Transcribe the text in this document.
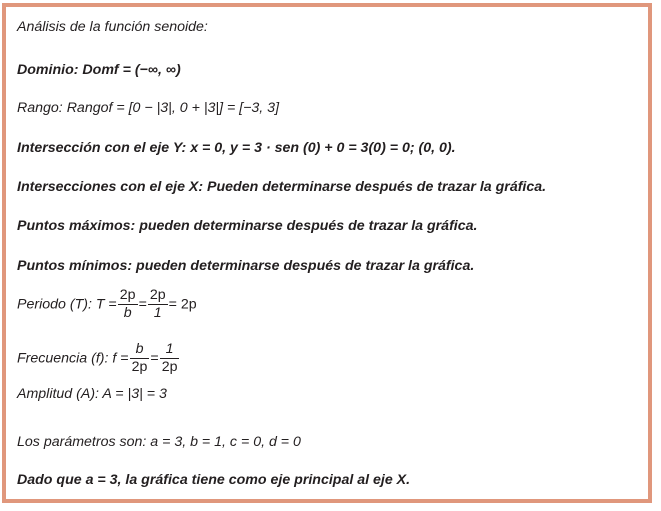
Análisis de la función senoide:
Dominio: Domf = (−∞, ∞)
Rango: Rangof = [0 − |3|, 0 + |3|] = [−3, 3]
Intersección con el eje Y: x = 0, y = 3 · sen (0) + 0 = 3(0) = 0; (0, 0).
Intersecciones con el eje X: Pueden determinarse después de trazar la gráfica.
Puntos máximos: pueden determinarse después de trazar la gráfica.
Puntos mínimos: pueden determinarse después de trazar la gráfica.
Periodo (T): $T = \frac{2p}{b} = \frac{2p}{1} = 2p$
Frecuencia (f): $f = \frac{b}{2p} = \frac{1}{2p}$
Amplitud (A): A = |3| = 3
Los parámetros son: a = 3, b = 1, c = 0, d = 0
Dado que a = 3, la gráfica tiene como eje principal al eje X.
